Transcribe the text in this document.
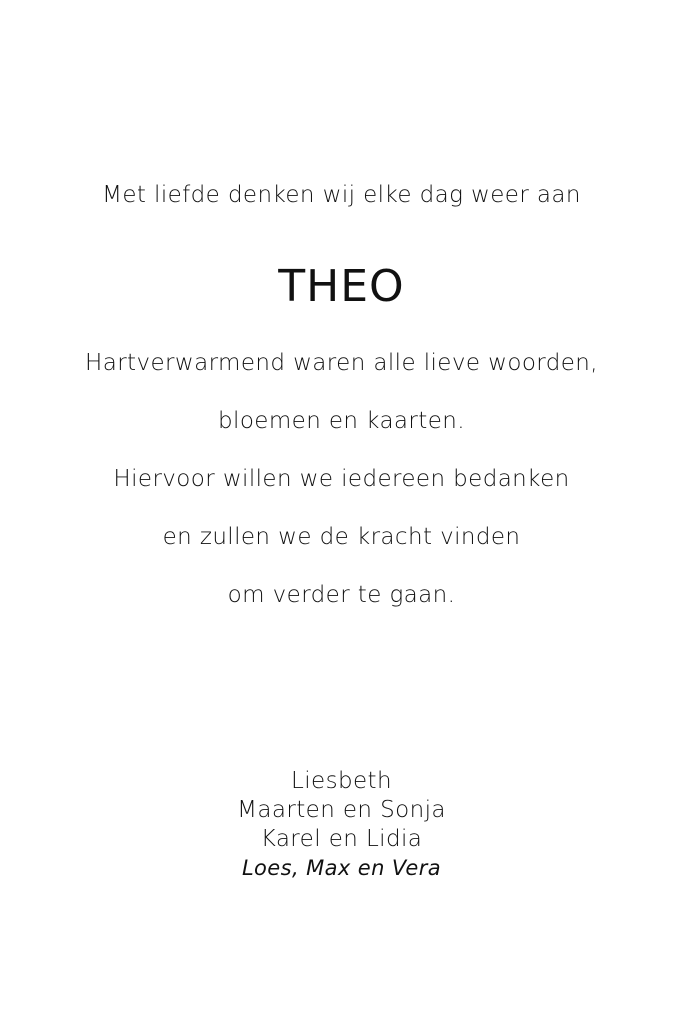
Met liefde denken wij elke dag weer aan
THEO
Hartverwarmend waren alle lieve woorden,
bloemen en kaarten.
Hiervoor willen we iedereen bedanken
en zullen we de kracht vinden
om verder te gaan.
Liesbeth
Maarten en Sonja
Karel en Lidia
Loes, Max en Vera
